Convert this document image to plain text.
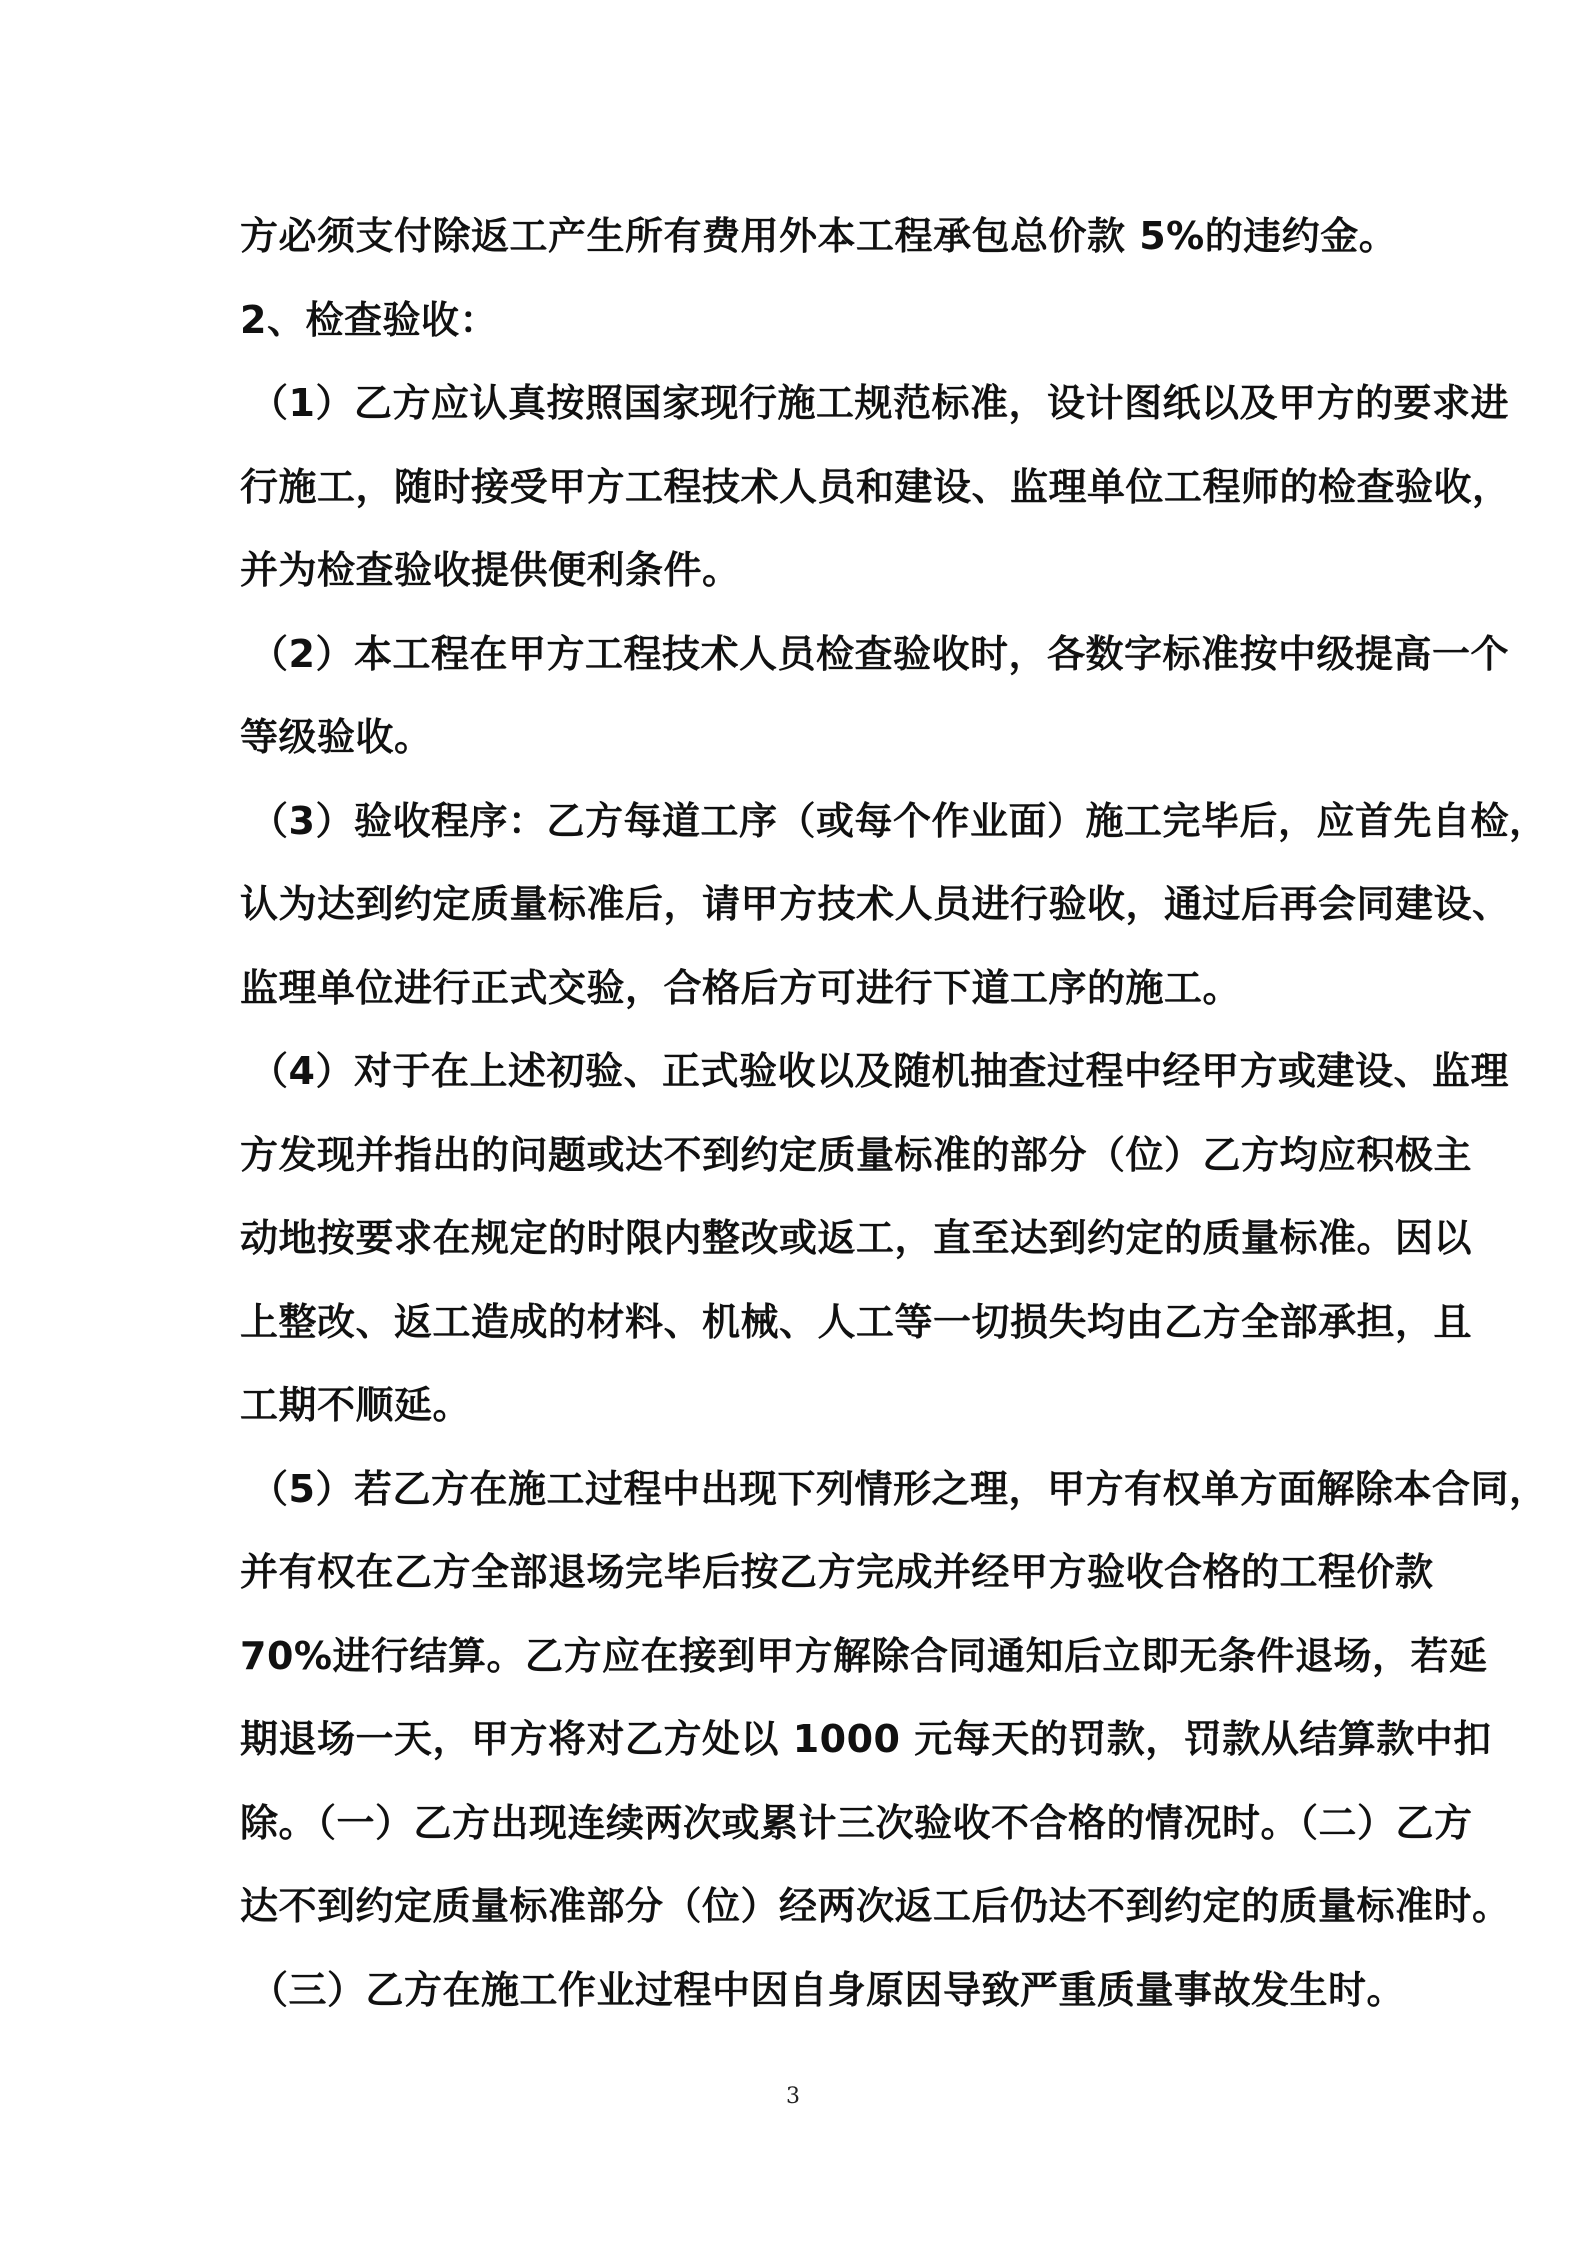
方必须支付除返工产生所有费用外本工程承包总价款 5%的违约金。
2、检查验收：
（1）乙方应认真按照国家现行施工规范标准，设计图纸以及甲方的要求进
行施工，随时接受甲方工程技术人员和建设、监理单位工程师的检查验收，
并为检查验收提供便利条件。
（2）本工程在甲方工程技术人员检查验收时，各数字标准按中级提高一个
等级验收。
（3）验收程序：乙方每道工序（或每个作业面）施工完毕后，应首先自检，
认为达到约定质量标准后，请甲方技术人员进行验收，通过后再会同建设、
监理单位进行正式交验，合格后方可进行下道工序的施工。
（4）对于在上述初验、正式验收以及随机抽查过程中经甲方或建设、监理
方发现并指出的问题或达不到约定质量标准的部分（位）乙方均应积极主
动地按要求在规定的时限内整改或返工，直至达到约定的质量标准。因以
上整改、返工造成的材料、机械、人工等一切损失均由乙方全部承担，且
工期不顺延。
（5）若乙方在施工过程中出现下列情形之理，甲方有权单方面解除本合同，
并有权在乙方全部退场完毕后按乙方完成并经甲方验收合格的工程价款
70%进行结算。乙方应在接到甲方解除合同通知后立即无条件退场，若延
期退场一天，甲方将对乙方处以 1000 元每天的罚款，罚款从结算款中扣
除。（一）乙方出现连续两次或累计三次验收不合格的情况时。（二）乙方
达不到约定质量标准部分（位）经两次返工后仍达不到约定的质量标准时。
（三）乙方在施工作业过程中因自身原因导致严重质量事故发生时。
3
